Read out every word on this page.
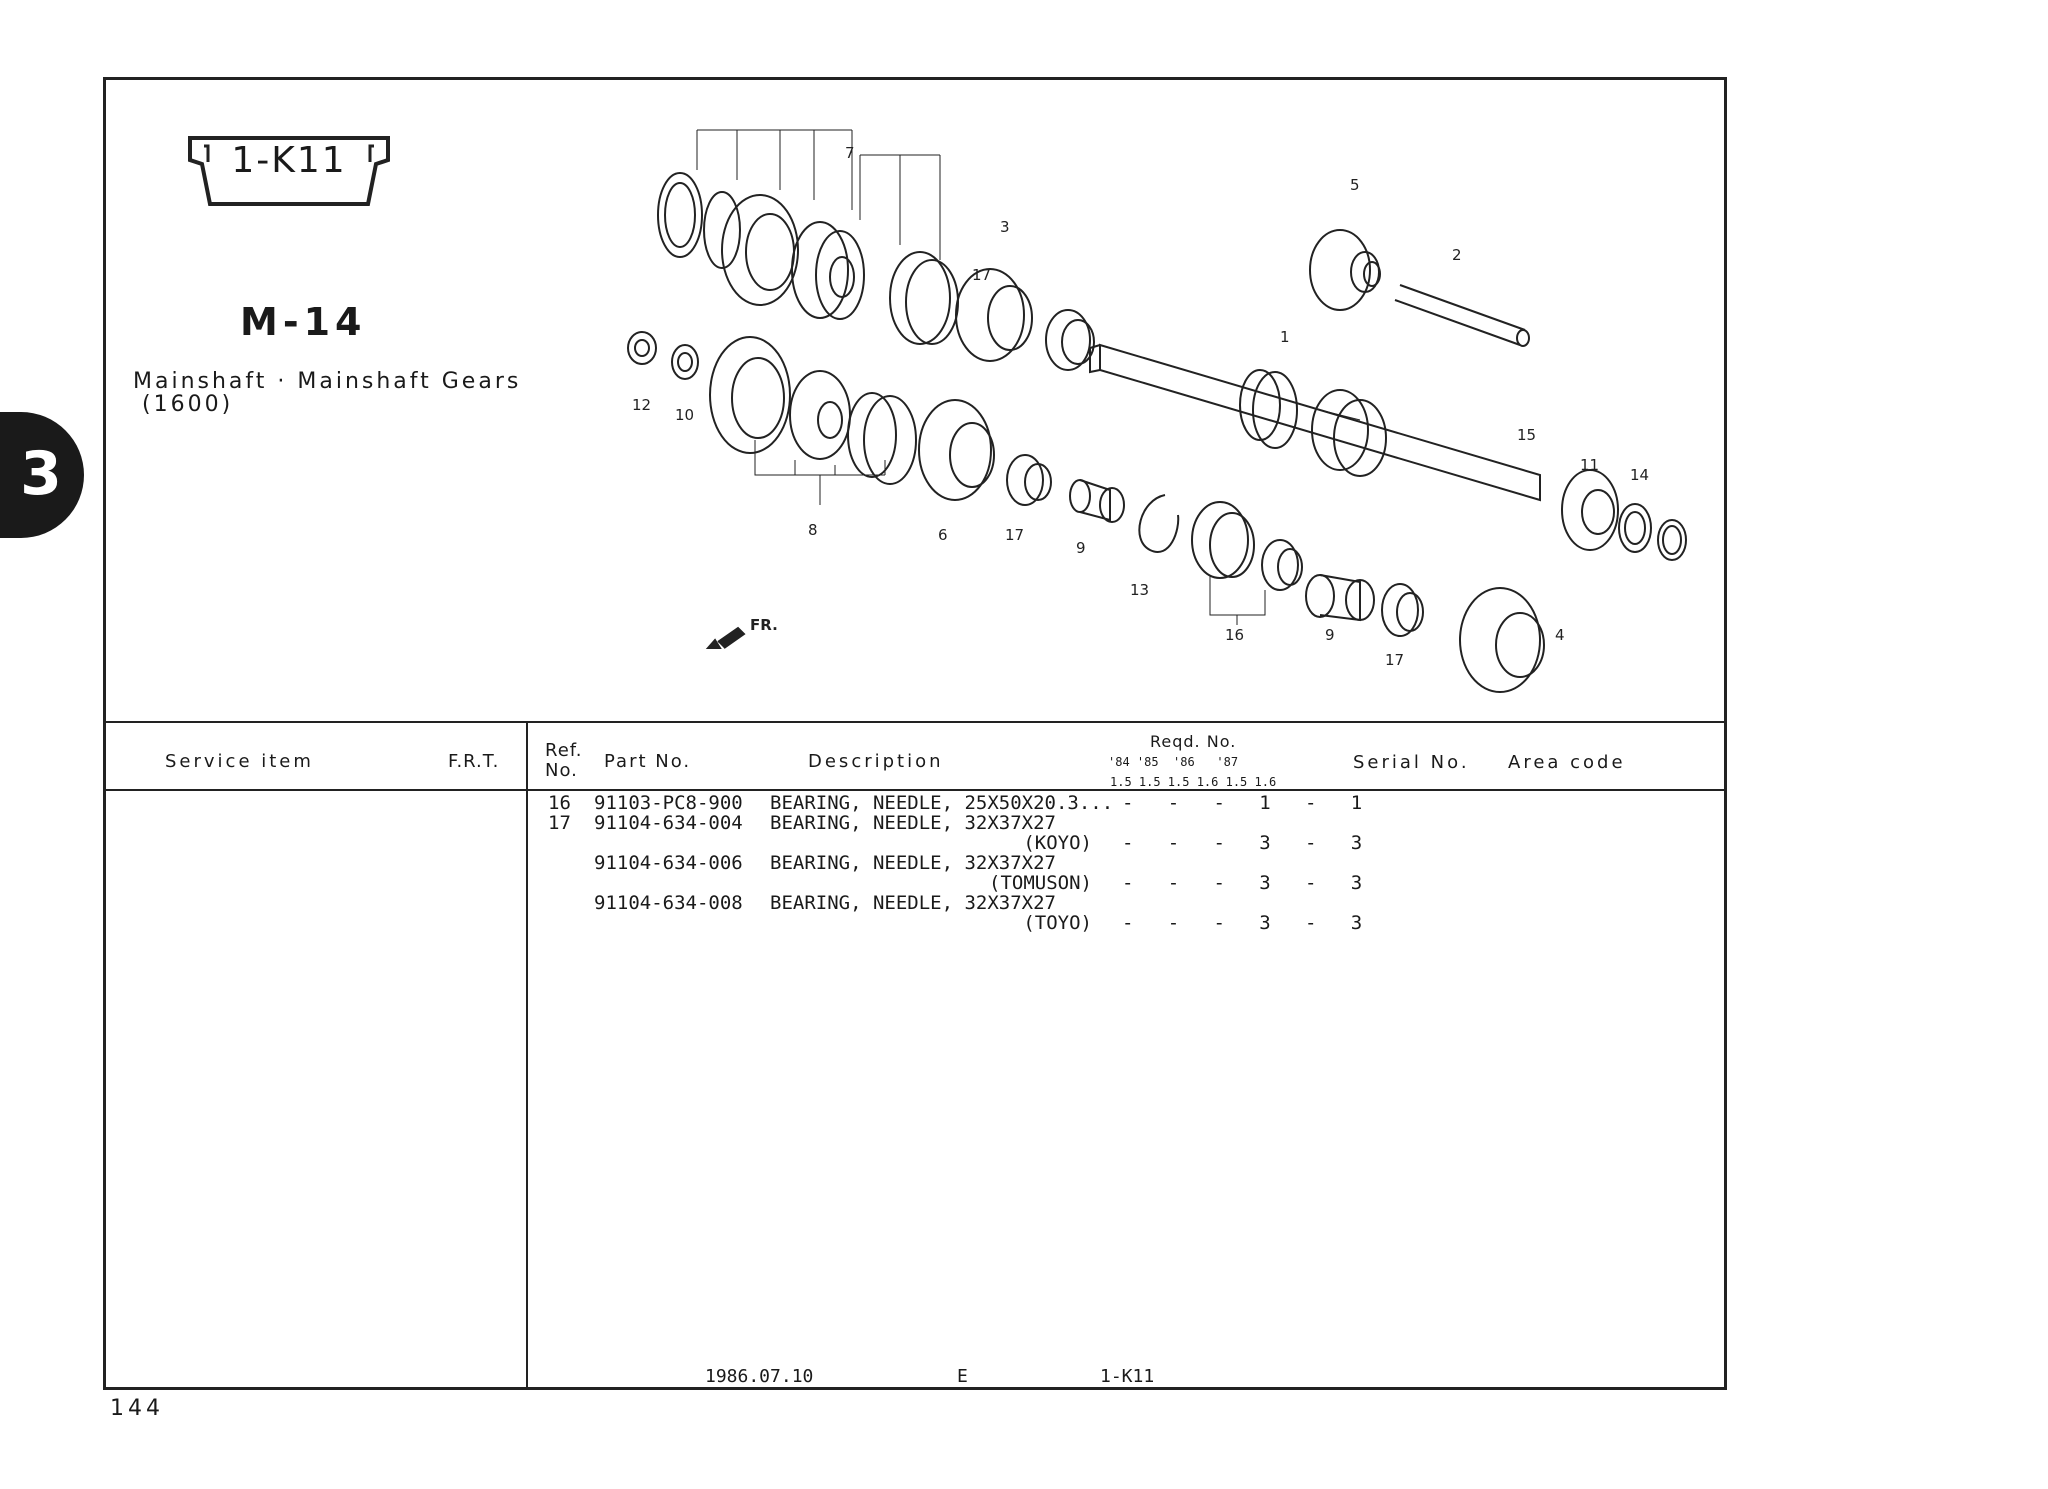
3
1-K11
M-14
Mainshaft · Mainshaft Gears
(1600)
7
3
17
5
2
1
12
10
15
11
14
8	6	17
9
13
16	9
17
4
FR.
Service item	F.R.T.
Ref.
No. Part No.	Description
Reqd. No.
'84 '85  '86   '87
1.5 1.5 1.5 1.6 1.5 1.6
Serial No. Area code
16 91103-PC8-900 BEARING, NEEDLE, 25X50X20.3... -   -   -   1   -   1
17 91104-634-004 BEARING, NEEDLE, 32X37X27
(KOYO) -   -   -   3   -   3
91104-634-006 BEARING, NEEDLE, 32X37X27
(TOMUSON) -   -   -   3   -   3
91104-634-008 BEARING, NEEDLE, 32X37X27
(TOYO) -   -   -   3   -   3
1986.07.10	E	1-K11
144
